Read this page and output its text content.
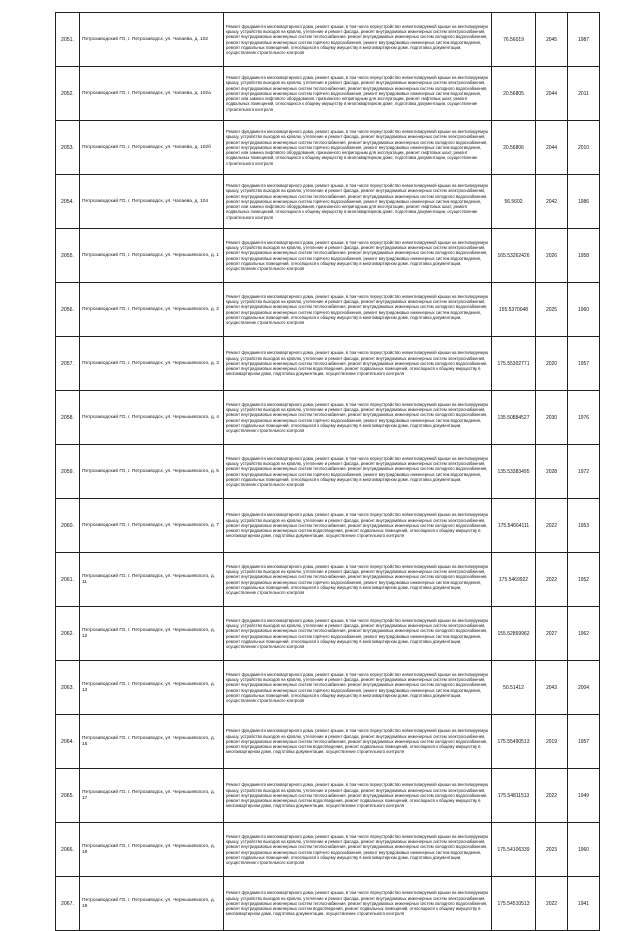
2051.	Петрозаводский ГО, г. Петрозаводск, ул. Чапаева, д. 102	Ремонт фундамента многоквартирного дома, ремонт крыши, в том числе переустройство невентилируемой крыши на вентилируемую крышу, устройство выходов на кровлю, утепление и ремонт фасада, ремонт внутридомовых инженерных систем электроснабжения, ремонт внутридомовых инженерных систем теплоснабжения, ремонт внутридомовых инженерных систем холодного водоснабжения, ремонт внутридомовых инженерных систем горячего водоснабжения, ремонт внутридомовых инженерных систем водоотведения, ремонт подвальных помещений, относящихся к общему имуществу в многоквартирном доме, подготовка документации, осуществление строительного контроля	76.56019	2045	1987
2052.	Петрозаводский ГО, г. Петрозаводск, ул. Чапаева, д. 102а	Ремонт фундамента многоквартирного дома, ремонт крыши, в том числе переустройство невентилируемой крыши на вентилируемую крышу, устройство выходов на кровлю, утепление и ремонт фасада, ремонт внутридомовых инженерных систем электроснабжения, ремонт внутридомовых инженерных систем теплоснабжения, ремонт внутридомовых инженерных систем холодного водоснабжения, ремонт внутридомовых инженерных систем горячего водоснабжения, ремонт внутридомовых инженерных систем водоотведения, ремонт или замена лифтового оборудования, признанного непригодным для эксплуатации, ремонт лифтовых шахт, ремонт подвальных помещений, относящихся к общему имуществу в многоквартирном доме, подготовка документации, осуществление строительного контроля	20.56805	2044	2011
2053.	Петрозаводский ГО, г. Петрозаводск, ул. Чапаева, д. 102б	Ремонт фундамента многоквартирного дома, ремонт крыши, в том числе переустройство невентилируемой крыши на вентилируемую крышу, устройство выходов на кровлю, утепление и ремонт фасада, ремонт внутридомовых инженерных систем электроснабжения, ремонт внутридомовых инженерных систем теплоснабжения, ремонт внутридомовых инженерных систем холодного водоснабжения, ремонт внутридомовых инженерных систем горячего водоснабжения, ремонт внутридомовых инженерных систем водоотведения, ремонт или замена лифтового оборудования, признанного непригодным для эксплуатации, ремонт лифтовых шахт, ремонт подвальных помещений, относящихся к общему имуществу в многоквартирном доме, подготовка документации, осуществление строительного контроля	20.56806	2044	2010
2054.	Петрозаводский ГО, г. Петрозаводск, ул. Чапаева, д. 104	Ремонт фундамента многоквартирного дома, ремонт крыши, в том числе переустройство невентилируемой крыши на вентилируемую крышу, устройство выходов на кровлю, утепление и ремонт фасада, ремонт внутридомовых инженерных систем электроснабжения, ремонт внутридомовых инженерных систем теплоснабжения, ремонт внутридомовых инженерных систем холодного водоснабжения, ремонт внутридомовых инженерных систем горячего водоснабжения, ремонт внутридомовых инженерных систем водоотведения, ремонт или замена лифтового оборудования, признанного непригодным для эксплуатации, ремонт лифтовых шахт, ремонт подвальных помещений, относящихся к общему имуществу в многоквартирном доме, подготовка документации, осуществление строительного контроля	56.5602	2042	1986
2055.	Петрозаводский ГО, г. Петрозаводск, ул. Чернышевского, д. 1	Ремонт фундамента многоквартирного дома, ремонт крыши, в том числе переустройство невентилируемой крыши на вентилируемую крышу, устройство выходов на кровлю, утепление и ремонт фасада, ремонт внутридомовых инженерных систем электроснабжения, ремонт внутридомовых инженерных систем теплоснабжения, ремонт внутридомовых инженерных систем холодного водоснабжения, ремонт внутридомовых инженерных систем горячего водоснабжения, ремонт внутридомовых инженерных систем водоотведения, ремонт подвальных помещений, относящихся к общему имуществу в многоквартирном доме, подготовка документации, осуществление строительного контроля	165.53262426	2026	1958
2056.	Петрозаводский ГО, г. Петрозаводск, ул. Чернышевского, д. 2	Ремонт фундамента многоквартирного дома, ремонт крыши, в том числе переустройство невентилируемой крыши на вентилируемую крышу, устройство выходов на кровлю, утепление и ремонт фасада, ремонт внутридомовых инженерных систем электроснабжения, ремонт внутридомовых инженерных систем теплоснабжения, ремонт внутридомовых инженерных систем холодного водоснабжения, ремонт внутридомовых инженерных систем горячего водоснабжения, ремонт внутридомовых инженерных систем водоотведения, ремонт подвальных помещений, относящихся к общему имуществу в многоквартирном доме, подготовка документации, осуществление строительного контроля	155.5370048	2025	1960
2057.	Петрозаводский ГО, г. Петрозаводск, ул. Чернышевского, д. 3	Ремонт фундамента многоквартирного дома, ремонт крыши, в том числе переустройство невентилируемой крыши на вентилируемую крышу, устройство выходов на кровлю, утепление и ремонт фасада, ремонт внутридомовых инженерных систем электроснабжения, ремонт внутридомовых инженерных систем теплоснабжения, ремонт внутридомовых инженерных систем холодного водоснабжения, ремонт внутридомовых инженерных систем водоотведения, ремонт подвальных помещений, относящихся к общему имуществу в многоквартирном доме, подготовка документации, осуществление строительного контроля	175.55302771	2020	1957
2058.	Петрозаводский ГО, г. Петрозаводск, ул. Чернышевского, д. 4	Ремонт фундамента многоквартирного дома, ремонт крыши, в том числе переустройство невентилируемой крыши на вентилируемую крышу, устройство выходов на кровлю, утепление и ремонт фасада, ремонт внутридомовых инженерных систем электроснабжения, ремонт внутридомовых инженерных систем теплоснабжения, ремонт внутридомовых инженерных систем холодного водоснабжения, ремонт внутридомовых инженерных систем горячего водоснабжения, ремонт внутридомовых инженерных систем водоотведения, ремонт подвальных помещений, относящихся к общему имуществу в многоквартирном доме, подготовка документации, осуществление строительного контроля	135.50884527	2030	1976
2059.	Петрозаводский ГО, г. Петрозаводск, ул. Чернышевского, д. 5	Ремонт фундамента многоквартирного дома, ремонт крыши, в том числе переустройство невентилируемой крыши на вентилируемую крышу, устройство выходов на кровлю, утепление и ремонт фасада, ремонт внутридомовых инженерных систем электроснабжения, ремонт внутридомовых инженерных систем теплоснабжения, ремонт внутридомовых инженерных систем холодного водоснабжения, ремонт внутридомовых инженерных систем горячего водоснабжения, ремонт внутридомовых инженерных систем водоотведения, ремонт подвальных помещений, относящихся к общему имуществу в многоквартирном доме, подготовка документации, осуществление строительного контроля	135.53383495	2028	1972
2060.	Петрозаводский ГО, г. Петрозаводск, ул. Чернышевского, д. 7	Ремонт фундамента многоквартирного дома, ремонт крыши, в том числе переустройство невентилируемой крыши на вентилируемую крышу, устройство выходов на кровлю, утепление и ремонт фасада, ремонт внутридомовых инженерных систем электроснабжения, ремонт внутридомовых инженерных систем теплоснабжения, ремонт внутридомовых инженерных систем холодного водоснабжения, ремонт внутридомовых инженерных систем водоотведения, ремонт подвальных помещений, относящихся к общему имуществу в многоквартирном доме, подготовка документации, осуществление строительного контроля	175.54664111	2022	1953
2061.	Петрозаводский ГО, г. Петрозаводск, ул. Чернышевского, д. 11	Ремонт фундамента многоквартирного дома, ремонт крыши, в том числе переустройство невентилируемой крыши на вентилируемую крышу, устройство выходов на кровлю, утепление и ремонт фасада, ремонт внутридомовых инженерных систем электроснабжения, ремонт внутридомовых инженерных систем теплоснабжения, ремонт внутридомовых инженерных систем холодного водоснабжения, ремонт внутридомовых инженерных систем горячего водоснабжения, ремонт внутридомовых инженерных систем водоотведения, ремонт подвальных помещений, относящихся к общему имуществу в многоквартирном доме, подготовка документации, осуществление строительного контроля	175.5469922	2022	1952
2062.	Петрозаводский ГО, г. Петрозаводск, ул. Чернышевского, д. 12	Ремонт фундамента многоквартирного дома, ремонт крыши, в том числе переустройство невентилируемой крыши на вентилируемую крышу, устройство выходов на кровлю, утепление и ремонт фасада, ремонт внутридомовых инженерных систем электроснабжения, ремонт внутридомовых инженерных систем теплоснабжения, ремонт внутридомовых инженерных систем холодного водоснабжения, ремонт внутридомовых инженерных систем горячего водоснабжения, ремонт внутридомовых инженерных систем водоотведения, ремонт подвальных помещений, относящихся к общему имуществу в многоквартирном доме, подготовка документации, осуществление строительного контроля	155.52869962	2027	1962
2063.	Петрозаводский ГО, г. Петрозаводск, ул. Чернышевского, д. 13	Ремонт фундамента многоквартирного дома, ремонт крыши, в том числе переустройство невентилируемой крыши на вентилируемую крышу, устройство выходов на кровлю, утепление и ремонт фасада, ремонт внутридомовых инженерных систем электроснабжения, ремонт внутридомовых инженерных систем теплоснабжения, ремонт внутридомовых инженерных систем холодного водоснабжения, ремонт внутридомовых инженерных систем горячего водоснабжения, ремонт внутридомовых инженерных систем водоотведения, ремонт подвальных помещений, относящихся к общему имуществу в многоквартирном доме, подготовка документации, осуществление строительного контроля	50.51412	2043	2004
2064.	Петрозаводский ГО, г. Петрозаводск, ул. Чернышевского, д. 15	Ремонт фундамента многоквартирного дома, ремонт крыши, в том числе переустройство невентилируемой крыши на вентилируемую крышу, устройство выходов на кровлю, утепление и ремонт фасада, ремонт внутридомовых инженерных систем электроснабжения, ремонт внутридомовых инженерных систем теплоснабжения, ремонт внутридомовых инженерных систем холодного водоснабжения, ремонт внутридомовых инженерных систем водоотведения, ремонт подвальных помещений, относящихся к общему имуществу в многоквартирном доме, подготовка документации, осуществление строительного контроля	175.55490513	2019	1957
2065.	Петрозаводский ГО, г. Петрозаводск, ул. Чернышевского, д. 17	Ремонт фундамента многоквартирного дома, ремонт крыши, в том числе переустройство невентилируемой крыши на вентилируемую крышу, устройство выходов на кровлю, утепление и ремонт фасада, ремонт внутридомовых инженерных систем электроснабжения, ремонт внутридомовых инженерных систем теплоснабжения, ремонт внутридомовых инженерных систем холодного водоснабжения, ремонт внутридомовых инженерных систем водоотведения, ремонт подвальных помещений, относящихся к общему имуществу в многоквартирном доме, подготовка документации, осуществление строительного контроля	175.54811513	2022	1949
2066.	Петрозаводский ГО, г. Петрозаводск, ул. Чернышевского, д. 18	Ремонт фундамента многоквартирного дома, ремонт крыши, в том числе переустройство невентилируемой крыши на вентилируемую крышу, устройство выходов на кровлю, утепление и ремонт фасада, ремонт внутридомовых инженерных систем электроснабжения, ремонт внутридомовых инженерных систем теплоснабжения, ремонт внутридомовых инженерных систем холодного водоснабжения, ремонт внутридомовых инженерных систем горячего водоснабжения, ремонт внутридомовых инженерных систем водоотведения, ремонт подвальных помещений, относящихся к общему имуществу в многоквартирном доме, подготовка документации, осуществление строительного контроля	175.54106339	2023	1960
2067.	Петрозаводский ГО, г. Петрозаводск, ул. Чернышевского, д. 19	Ремонт фундамента многоквартирного дома, ремонт крыши, в том числе переустройство невентилируемой крыши на вентилируемую крышу, устройство выходов на кровлю, утепление и ремонт фасада, ремонт внутридомовых инженерных систем электроснабжения, ремонт внутридомовых инженерных систем теплоснабжения, ремонт внутридомовых инженерных систем холодного водоснабжения, ремонт внутридомовых инженерных систем водоотведения, ремонт подвальных помещений, относящихся к общему имуществу в многоквартирном доме, подготовка документации, осуществление строительного контроля	175.54510513	2022	1941
